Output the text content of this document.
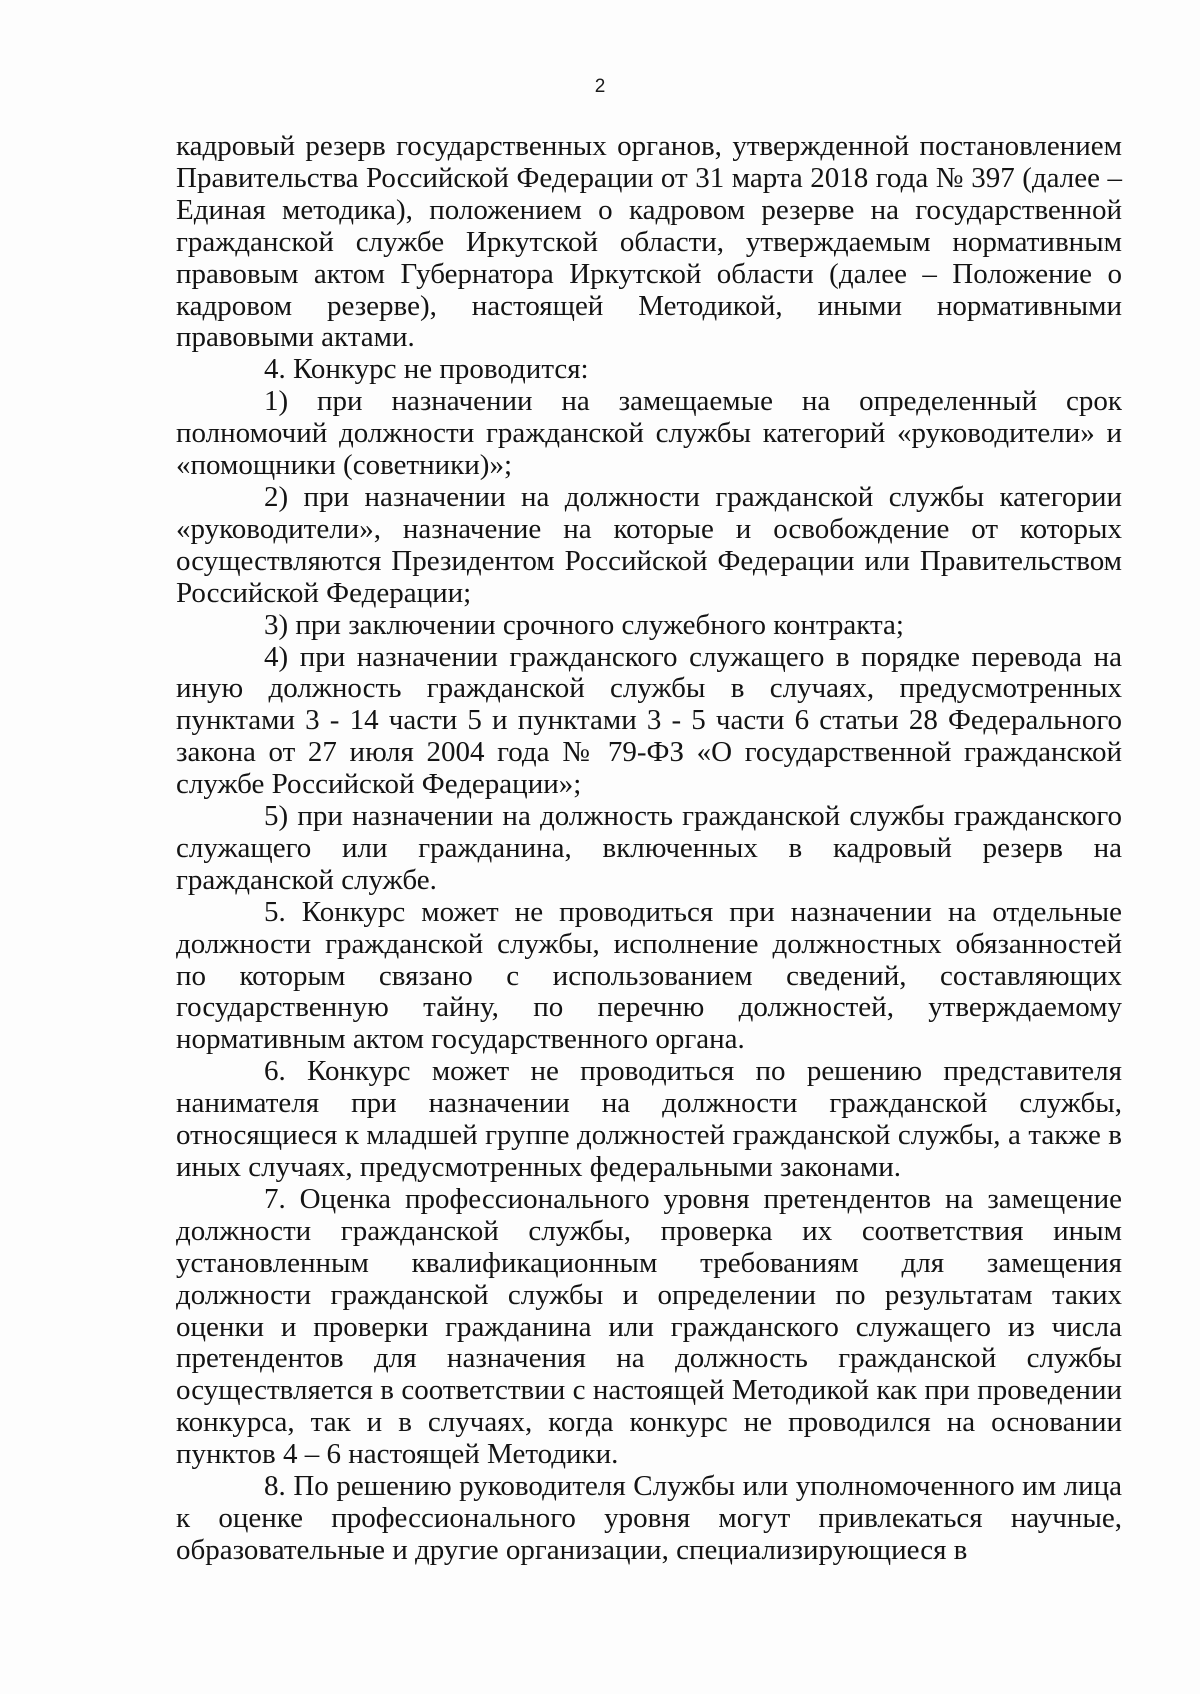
2

кадровый резерв государственных органов, утвержденной постановлением Правительства Российской Федерации от 31 марта 2018 года № 397 (далее – Единая методика), положением о кадровом резерве на государственной гражданской службе Иркутской области, утверждаемым нормативным правовым актом Губернатора Иркутской области (далее – Положение о кадровом резерве), настоящей Методикой, иными нормативными правовыми актами.

4. Конкурс не проводится:

1) при назначении на замещаемые на определенный срок полномочий должности гражданской службы категорий «руководители» и «помощники (советники)»;

2) при назначении на должности гражданской службы категории «руководители», назначение на которые и освобождение от которых осуществляются Президентом Российской Федерации или Правительством Российской Федерации;

3) при заключении срочного служебного контракта;

4) при назначении гражданского служащего в порядке перевода на иную должность гражданской службы в случаях, предусмотренных пунктами 3 - 14 части 5 и пунктами 3 - 5 части 6 статьи 28 Федерального закона от 27 июля 2004 года № 79-ФЗ «О государственной гражданской службе Российской Федерации»;

5) при назначении на должность гражданской службы гражданского служащего или гражданина, включенных в кадровый резерв на гражданской службе.

5. Конкурс может не проводиться при назначении на отдельные должности гражданской службы, исполнение должностных обязанностей по которым связано с использованием сведений, составляющих государственную тайну, по перечню должностей, утверждаемому нормативным актом государственного органа.

6. Конкурс может не проводиться по решению представителя нанимателя при назначении на должности гражданской службы, относящиеся к младшей группе должностей гражданской службы, а также в иных случаях, предусмотренных федеральными законами.

7. Оценка профессионального уровня претендентов на замещение должности гражданской службы, проверка их соответствия иным установленным квалификационным требованиям для замещения должности гражданской службы и определении по результатам таких оценки и проверки гражданина или гражданского служащего из числа претендентов для назначения на должность гражданской службы осуществляется в соответствии с настоящей Методикой как при проведении конкурса, так и в случаях, когда конкурс не проводился на основании пунктов 4 – 6 настоящей Методики.

8. По решению руководителя Службы или уполномоченного им лица к оценке профессионального уровня могут привлекаться научные, образовательные и другие организации, специализирующиеся в
